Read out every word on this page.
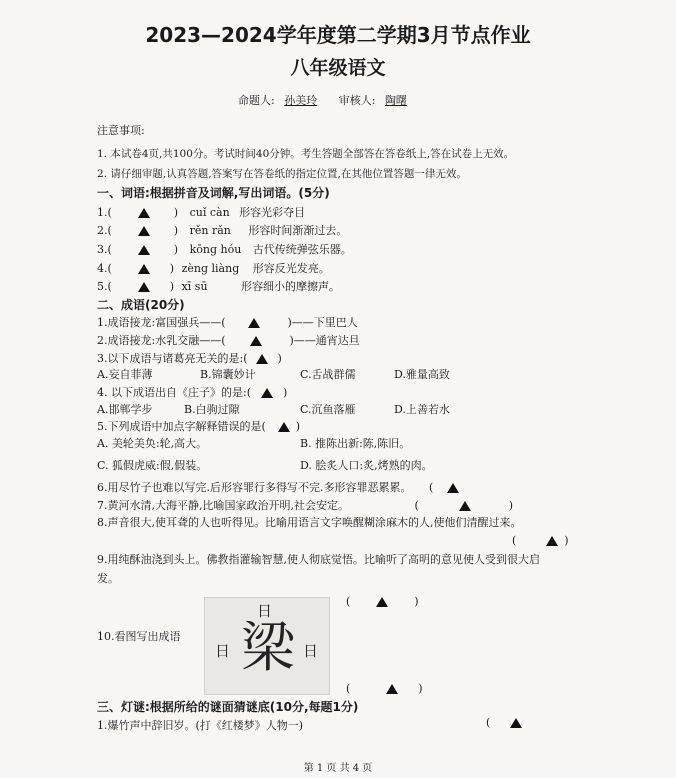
2023—2024学年度第二学期3月节点作业
八年级语文
命题人: 孙美玲 审核人: 陶曙
注意事项:
1. 本试卷4页,共100分。考试时间40分钟。考生答题全部答在答卷纸上,答在试卷上无效。
2. 请仔细审题,认真答题,答案写在答卷纸的指定位置,在其他位置答题一律无效。
一、词语:根据拼音及词解,写出词语。(5分)
1.(	) cuǐ càn 形容光彩夺目
2.(	) rěn rǎn 形容时间渐渐过去。
3.(	) kōng hóu 古代传统弹弦乐器。
4.(	) zèng liàng 形容反光发亮。
5.(	) xī sū	形容细小的摩擦声。
二、成语(20分)
1.成语接龙:富国强兵——(	)——下里巴人
2.成语接龙:水乳交融——(	)——通宵达旦
3.以下成语与诸葛亮无关的是:(	)
A.妄自菲薄	B.锦囊妙计	C.舌战群儒	D.雅量高致
4. 以下成语出自《庄子》的是:(	)
A.邯郸学步	B.白驹过隙	C.沉鱼落雁	D.上善若水
5.下列成语中加点字解释错误的是(	)
A. 美轮美奂:轮,高大。	B. 推陈出新:陈,陈旧。
C. 狐假虎威:假,假装。	D. 脍炙人口:炙,烤熟的肉。
6.用尽竹子也难以写完.后形容罪行多得写不完.多形容罪恶累累。 (
7.黄河水清,大海平静,比喻国家政治开明,社会安定。	(	)
8.声音很大,使耳聋的人也听得见。比喻用语言文字唤醒糊涂麻木的人,使他们清醒过来。
(	)
9.用纯酥油浇到头上。佛教指灌输智慧,使人彻底觉悟。比喻听了高明的意见使人受到很大启
发。
(	)
10.看图写出成语
日
日 梁 日
(	)
三、灯谜:根据所给的谜面猜谜底(10分,每题1分)
1.爆竹声中辞旧岁。(打《红楼梦》人物一)	(
第 1 页 共 4 页
